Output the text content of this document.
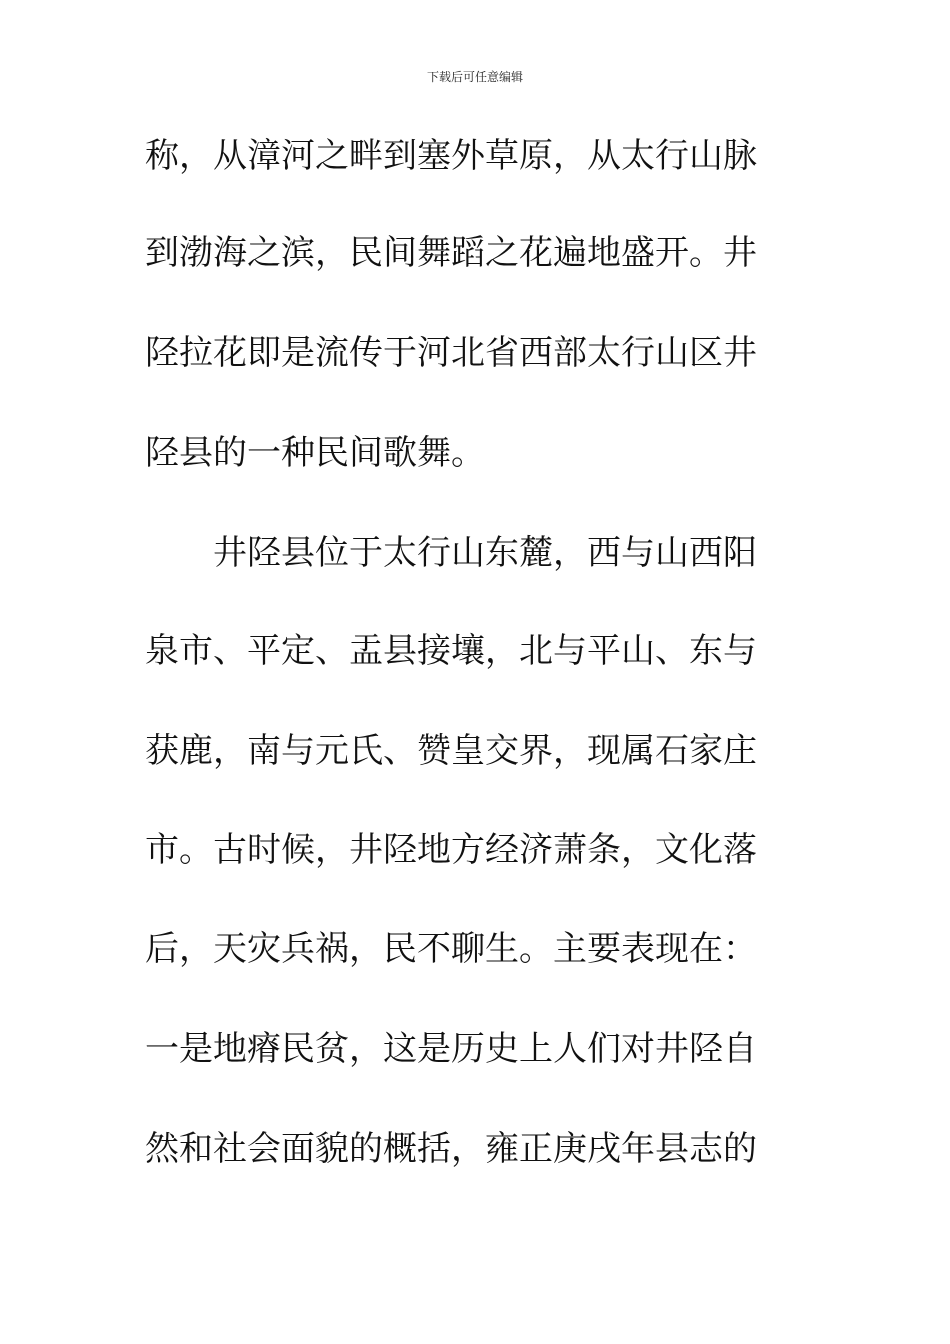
下载后可任意编辑
称，从漳河之畔到塞外草原，从太行山脉
到渤海之滨，民间舞蹈之花遍地盛开。井
陉拉花即是流传于河北省西部太行山区井
陉县的一种民间歌舞。
井陉县位于太行山东麓，西与山西阳
泉市、平定、盂县接壤，北与平山、东与
获鹿，南与元氏、赞皇交界，现属石家庄
市。古时候，井陉地方经济萧条，文化落
后，天灾兵祸，民不聊生。主要表现在：
一是地瘠民贫，这是历史上人们对井陉自
然和社会面貌的概括，雍正庚戌年县志的
